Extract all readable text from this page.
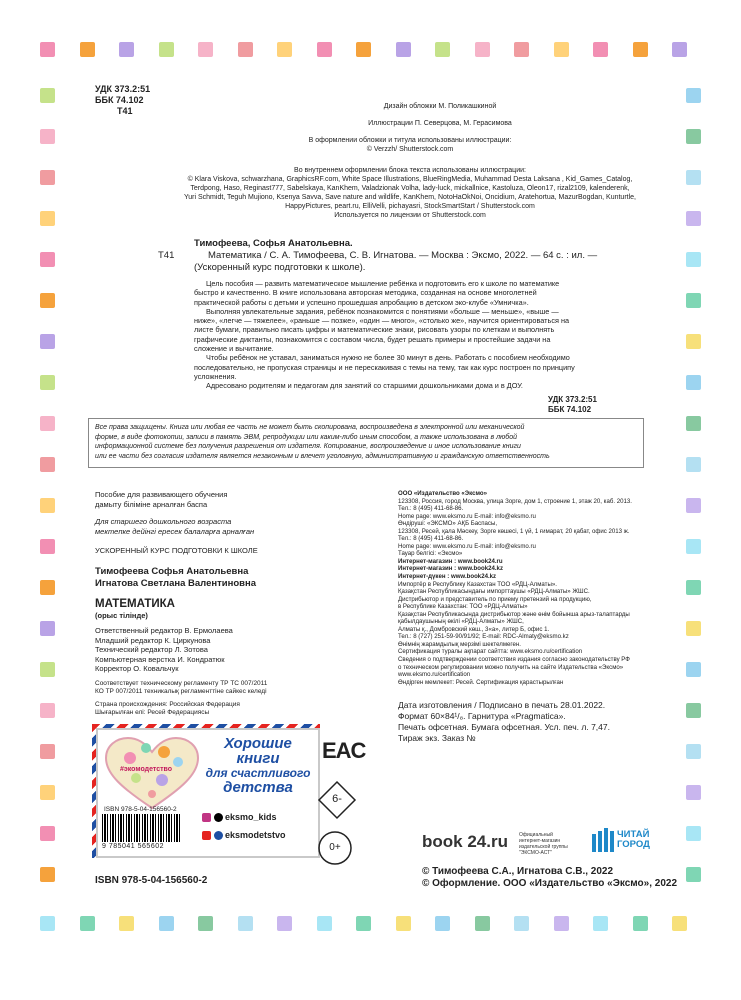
УДК 373.2:51
ББК 74.102
Т41	Дизайн обложки М. Поликашкиной
Иллюстрации П. Северцова, М. Герасимова
В оформлении обложки и титула использованы иллюстрации:
© Verzzh/ Shutterstock.com
Во внутреннем оформлении блока текста использованы иллюстрации:
© Klara Viskova, schwarzhana, GraphicsRF.com, White Space Illustrations, BlueRingMedia, Muhammad Desta Laksana , Kid_Games_Catalog,
Terdpong, Haso, Reginast777, Sabelskaya, KanKhem, Valadzionak Volha, lady-luck, mickallnice, Kastoluza, Oleon17, rizal2109, kalenderenk,
Yuri Schmidt, Teguh Mujiono, Ksenya Savva, Save nature and wildlife, KanKhem, NotoHaOkNoi, Oncidium, Aratehortua, MazurBogdan, Kunturtle,
HappyPictures, peart.ru, ElliVelli, pichayasri, StockSmartStart / Shutterstock.com
Используется по лицензии от Shutterstock.com
Тимофеева, Софья Анатольевна.
Т41	Математика / С. А. Тимофеева, С. В. Игнатова. — Москва : Эксмо, 2022. — 64 с. : ил. —
(Ускоренный курс подготовки к школе).
Цель пособия — развить математическое мышление ребёнка и подготовить его к школе по математике
быстро и качественно. В книге использована авторская методика, созданная на основе многолетней
практической работы с детьми и успешно прошедшая апробацию в детском эко-клубе «Умничка».
Выполняя увлекательные задания, ребёнок познакомится с понятиями «больше — меньше», «выше —
ниже», «легче — тяжелее», «раньше — позже», «один — много», «столько же», научится ориентироваться на
листе бумаги, правильно писать цифры и математические знаки, рисовать узоры по клеткам и выполнять
графические диктанты, познакомится с составом числа, будет решать примеры и простейшие задачи на
сложение и вычитание.
Чтобы ребёнок не уставал, заниматься нужно не более 30 минут в день. Работать с пособием необходимо
последовательно, не пропуская страницы и не перескакивая с темы на тему, так как курс построен по принципу
усложнения.
Адресовано родителям и педагогам для занятий со старшими дошкольниками дома и в ДОУ.
УДК 373.2:51
ББК 74.102
Все права защищены. Книга или любая ее часть не может быть скопирована, воспроизведена в электронной или механической
форме, в виде фотокопии, записи в память ЭВМ, репродукции или каким-либо иным способом, а также использована в любой
информационной системе без получения разрешения от издателя. Копирование, воспроизведение и иное использование книги
или ее части без согласия издателя является незаконным и влечет уголовную, административную и гражданскую ответственность
Пособие для развивающего обучения
дамыту біліміне арналған баспа
Для старшего дошкольного возраста
мектепке дейінгі ересек балаларға арналған
УСКОРЕННЫЙ КУРС ПОДГОТОВКИ К ШКОЛЕ
Тимофеева Софья Анатольевна
Игнатова Светлана Валентиновна
МАТЕМАТИКА
(орыс тілінде)
Ответственный редактор В. Ермолаева
Младший редактор К. Циркунова
Технический редактор Л. Зотова
Компьютерная верстка И. Кондратюк
Корректор О. Ковальчук
Соответствует техническому регламенту ТР ТС 007/2011
КО ТР 007/2011 техникалық регламенттіне сайкес келеді
Страна происхождения: Российская Федерация
Шығарылған елі: Ресей Федерациясы
ООО «Издательство «Эксмо»
123308, Россия, город Москва, улица Зорге, дом 1, строение 1, этаж 20, каб. 2013.
Тел.: 8 (495) 411-68-86.
Home page: www.eksmo.ru E-mail: info@eksmo.ru
Өндіруші: «ЭКСМО» АҚБ Баспасы,
123308, Ресей, қала Мәскеу, Зорге көшесі, 1 үй, 1 ғимарат, 20 қабат, офис 2013 ж.
Тел.: 8 (495) 411-68-86.
Home page: www.eksmo.ru E-mail: info@eksmo.ru
Тауар белгісі: «Эксмо»
Интернет-магазин : www.book24.ru
Интернет-магазин : www.book24.kz
Интернет-дүкен : www.book24.kz
Импортёр в Республику Казахстан ТОО «РДЦ-Алматы».
Қазақстан Республикасындағы импорттаушы «РДЦ-Алматы» ЖШС.
Дистрибьютор и представитель по приему претензий на продукцию,
в Республике Казахстан: ТОО «РДЦ-Алматы»
Қазақстан Республикасында дистрибьютор және өнім бойынша арыз-талаптарды
қабылдаушының өкілі «РДЦ-Алматы» ЖШС,
Алматы қ., Домбровский көш., 3«а», литер Б, офис 1.
Тел.: 8 (727) 251-59-90/91/92; E-mail: RDC-Almaty@eksmo.kz
Өнімнің жарамдылық мерзімі шектелмеген.
Сертификация туралы ақпарат сайтта: www.eksmo.ru/certification
Сведения о подтверждении соответствия издания согласно законодательству РФ
о техническом регулировании можно получить на сайте Издательства «Эксмо»
www.eksmo.ru/certification
Өндірген мемлекет: Ресей. Сертификация қарастырылған
Дата изготовления / Подписано в печать 28.01.2022.
Формат 60×84¹/₈. Гарнитура «Pragmatica».
Печать офсетная. Бумага офсетная. Усл. печ. л. 7,47.
Тираж экз. Заказ №
#экомодетство
Хорошие
книги
для счастливого
детства
ISBN 978-5-04-156560-2
eksmo_kids
eksmodetstvo
9 785041 565602
EAC
6-
0+	book 24.ru Официальный
интернет-магазин
издательской группы
"ЭКСМО-АСТ"
ЧИТАЙ
ГОРОД
© Тимофеева С.А., Игнатова С.В., 2022
© Оформление. ООО «Издательство «Эксмо», 2022
ISBN 978-5-04-156560-2
